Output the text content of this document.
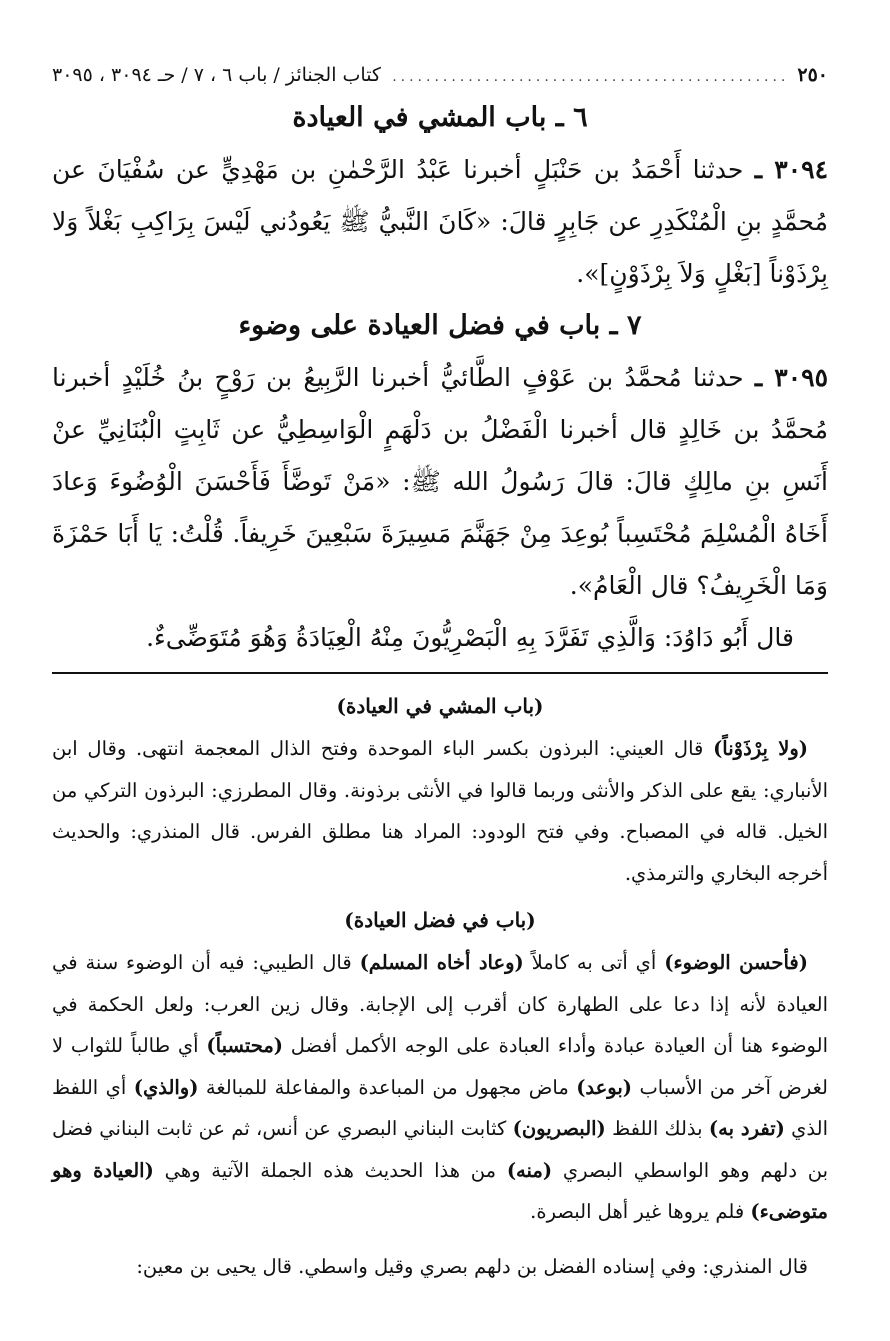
٢٥٠
.....
كتاب الجنائز / باب ٦ ، ٧ / حـ ٣٠٩٤ ، ٣٠٩٥
٦ ـ باب المشي في العيادة

٣٠٩٤ ـ حدثنا أَحْمَدُ بن حَنْبَلٍ أخبرنا عَبْدُ الرَّحْمٰنِ بن مَهْدِيٍّ عن سُفْيَانَ عن مُحمَّدٍ بنِ الْمُنْكَدِرِ عن جَابِرٍ قالَ: «كَانَ النَّبيُّ ﷺ يَعُودُني لَيْسَ بِرَاكِبِ بَغْلاً وَلا بِرْذَوْناً [بَغْلٍ وَلاَ بِرْذَوْنٍ]».

٧ ـ باب في فضل العيادة على وضوء

٣٠٩٥ ـ حدثنا مُحمَّدُ بن عَوْفٍ الطَّائيُّ أخبرنا الرَّبِيعُ بن رَوْحٍ بنُ خُلَيْدٍ أخبرنا مُحمَّدُ بن خَالِدٍ قال أخبرنا الْفَضْلُ بن دَلْهَمٍ الْوَاسِطِيُّ عن ثَابِتٍ الْبُنَانِيِّ عنْ أَنَسِ بنِ مالِكٍ قالَ: قالَ رَسُولُ الله ﷺ: «مَنْ تَوضَّأَ فَأَحْسَنَ الْوُضُوءَ وَعادَ أَخَاهُ الْمُسْلِمَ مُحْتَسِباً بُوعِدَ مِنْ جَهَنَّمَ مَسِيرَةَ سَبْعِينَ خَرِيفاً. قُلْتُ: يَا أَبَا حَمْزَةَ وَمَا الْخَرِيفُ؟ قال الْعَامُ».

قال أَبُو دَاوُدَ: وَالَّذِي تَفَرَّدَ بِهِ الْبَصْرِيُّونَ مِنْهُ الْعِيَادَةُ وَهُوَ مُتَوَضِّىءٌ.

(باب المشي في العيادة)

(ولا بِرْذَوْناً) قال العيني: البرذون بكسر الباء الموحدة وفتح الذال المعجمة انتهى. وقال ابن الأنباري: يقع على الذكر والأنثى وربما قالوا في الأنثى برذونة. وقال المطرزي: البرذون التركي من الخيل. قاله في المصباح. وفي فتح الودود: المراد هنا مطلق الفرس. قال المنذري: والحديث أخرجه البخاري والترمذي.

(باب في فضل العيادة)

(فأحسن الوضوء) أي أتى به كاملاً (وعاد أخاه المسلم) قال الطيبي: فيه أن الوضوء سنة في العيادة لأنه إذا دعا على الطهارة كان أقرب إلى الإجابة. وقال زين العرب: ولعل الحكمة في الوضوء هنا أن العيادة عبادة وأداء العبادة على الوجه الأكمل أفضل (محتسباً) أي طالباً للثواب لا لغرض آخر من الأسباب (بوعد) ماض مجهول من المباعدة والمفاعلة للمبالغة (والذي) أي اللفظ الذي (تفرد به) بذلك اللفظ (البصريون) كثابت البناني البصري عن أنس، ثم عن ثابت البناني فضل بن دلهم وهو الواسطي البصري (منه) من هذا الحديث هذه الجملة الآتية وهي (العيادة وهو متوضىء) فلم يروها غير أهل البصرة.

قال المنذري: وفي إسناده الفضل بن دلهم بصري وقيل واسطي. قال يحيى بن معين:
